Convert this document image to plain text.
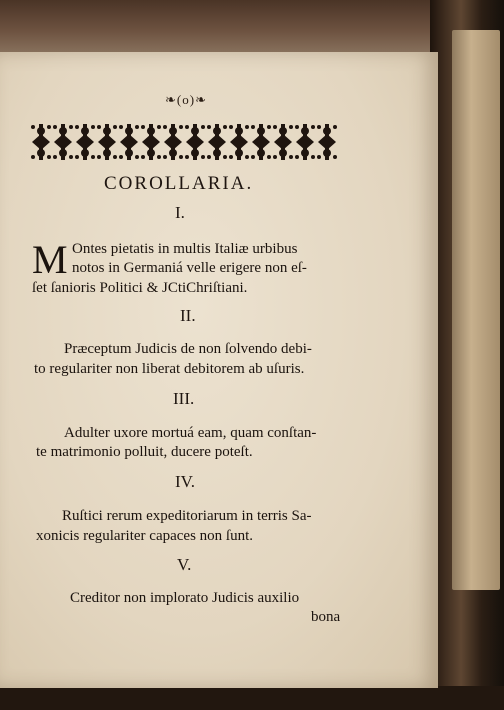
❧(o)❧
COROLLARIA.
I.
M Ontes pietatis in multis Italiæ urbibus
notos in Germaniá velle erigere non eſ-
ſet ſanioris Politici & JCtiChriſtiani.
II.
Præceptum Judicis de non ſolvendo debi-
to regulariter non liberat debitorem ab uſuris.
III.
Adulter uxore mortuá eam, quam conſtan-
te matrimonio polluit, ducere poteſt.
IV.
Ruſtici rerum expeditoriarum in terris Sa-
xonicis regulariter capaces non ſunt.
V.
Creditor non implorato Judicis auxilio
bona
